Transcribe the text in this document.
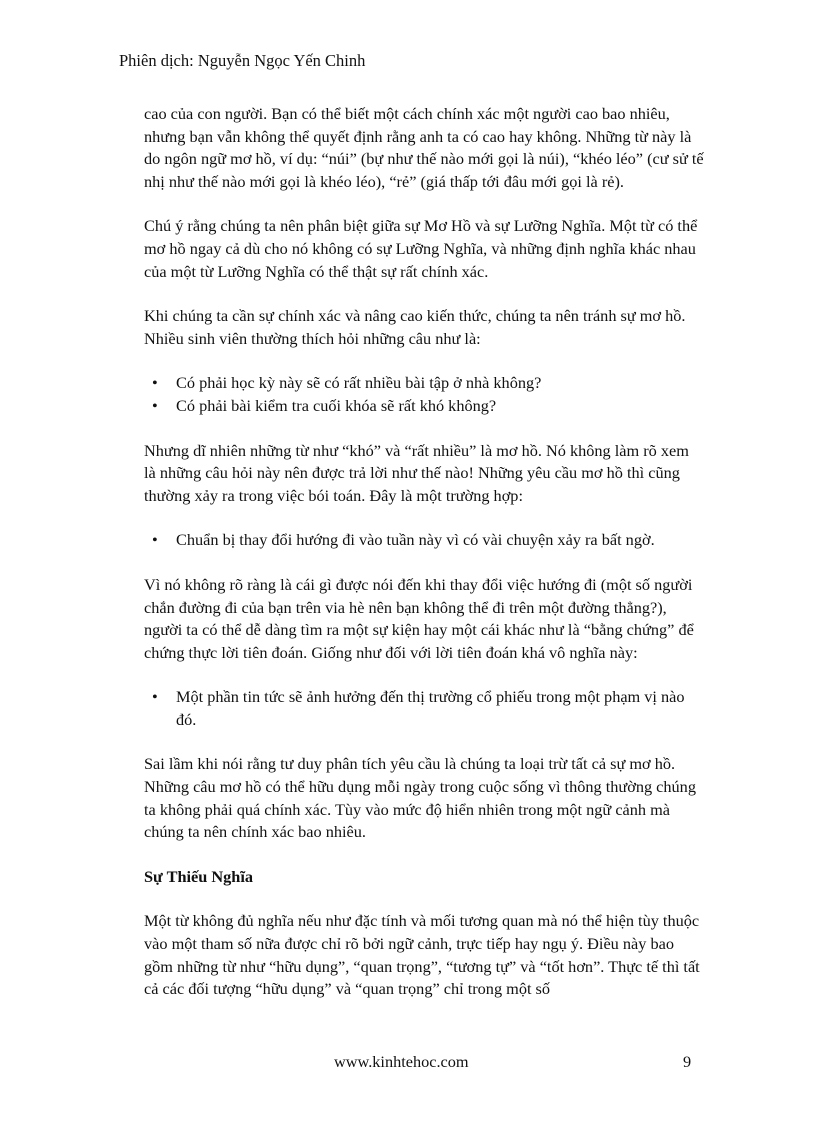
Phiên dịch: Nguyễn Ngọc Yến Chinh

cao của con người. Bạn có thể biết một cách chính xác một người cao bao nhiêu, nhưng bạn vẫn không thể quyết định rằng anh ta có cao hay không. Những từ này là do ngôn ngữ mơ hồ, ví dụ: “núi” (bự như thế nào mới gọi là núi), “khéo léo” (cư sử tế nhị như thế nào mới gọi là khéo léo), “rẻ” (giá thấp tới đâu mới gọi là rẻ).

Chú ý rằng chúng ta nên phân biệt giữa sự Mơ Hồ và sự Lưỡng Nghĩa. Một từ có thể mơ hồ ngay cả dù cho nó không có sự Lưỡng Nghĩa, và những định nghĩa khác nhau của một từ Lưỡng Nghĩa có thể thật sự rất chính xác.

Khi chúng ta cần sự chính xác và nâng cao kiến thức, chúng ta nên tránh sự mơ hồ. Nhiều sinh viên thường thích hỏi những câu như là:

• Có phải học kỳ này sẽ có rất nhiều bài tập ở nhà không?
• Có phải bài kiểm tra cuối khóa sẽ rất khó không?

Nhưng dĩ nhiên những từ như “khó” và “rất nhiều” là mơ hồ. Nó không làm rõ xem là những câu hỏi này nên được trả lời như thế nào! Những yêu cầu mơ hồ thì cũng thường xảy ra trong việc bói toán. Đây là một trường hợp:

• Chuẩn bị thay đổi hướng đi vào tuần này vì có vài chuyện xảy ra bất ngờ.

Vì nó không rõ ràng là cái gì được nói đến khi thay đổi việc hướng đi (một số người chắn đường đi của bạn trên via hè nên bạn không thể đi trên một đường thẳng?), người ta có thể dễ dàng tìm ra một sự kiện hay một cái khác như là “bằng chứng” để chứng thực lời tiên đoán. Giống như đối với lời tiên đoán khá vô nghĩa này:

• Một phần tin tức sẽ ảnh hưởng đến thị trường cổ phiếu trong một phạm vị nào đó.

Sai lầm khi nói rằng tư duy phân tích yêu cầu là chúng ta loại trừ tất cả sự mơ hồ. Những câu mơ hồ có thể hữu dụng mỗi ngày trong cuộc sống vì thông thường chúng ta không phải quá chính xác. Tùy vào mức độ hiển nhiên trong một ngữ cảnh mà chúng ta nên chính xác bao nhiêu.

Sự Thiếu Nghĩa

Một từ không đủ nghĩa nếu như đặc tính và mối tương quan mà nó thể hiện tùy thuộc vào một tham số nữa được chỉ rõ bởi ngữ cảnh, trực tiếp hay ngụ ý. Điều này bao gồm những từ như “hữu dụng”, “quan trọng”, “tương tự” và “tốt hơn”. Thực tế thì tất cả các đối tượng “hữu dụng” và “quan trọng” chỉ trong một số

www.kinhtehoc.com	9
